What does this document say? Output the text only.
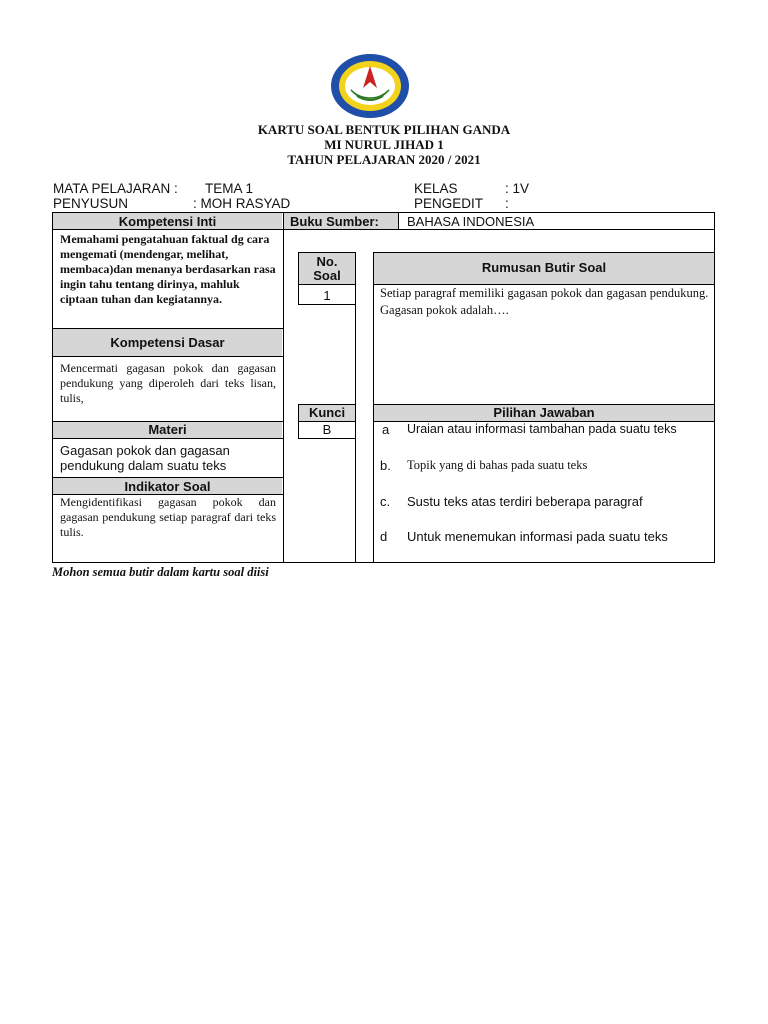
KARTU SOAL BENTUK PILIHAN GANDA
MI NURUL JIHAD 1
TAHUN PELAJARAN 2020 / 2021
MATA PELAJARAN : TEMA 1
PENYUSUN	: MOH RASYAD
KELAS	: 1V
PENGEDIT :
Kompetensi Inti
Memahami pengatahuan faktual dg cara mengemati (mendengar, melihat, membaca)dan menanya berdasarkan rasa ingin tahu tentang dirinya, mahluk ciptaan tuhan dan kegiatannya.
Kompetensi Dasar
Mencermati gagasan pokok dan gagasan pendukung yang diperoleh dari teks lisan, tulis,
Materi
Gagasan pokok dan gagasan pendukung dalam suatu teks
Indikator Soal
Mengidentifikasi gagasan pokok dan gagasan pendukung setiap paragraf dari teks tulis.
Buku Sumber: BAHASA INDONESIA
No.
Soal
1
Rumusan Butir Soal
Setiap paragraf memiliki gagasan pokok dan gagasan pendukung. Gagasan pokok adalah….
Kunci
B
Pilihan Jawaban
a Uraian atau informasi tambahan pada suatu teks
b. Topik yang di bahas pada suatu teks
c. Sustu teks atas terdiri beberapa paragraf
d Untuk menemukan informasi pada suatu teks
Mohon semua butir dalam kartu soal diisi
